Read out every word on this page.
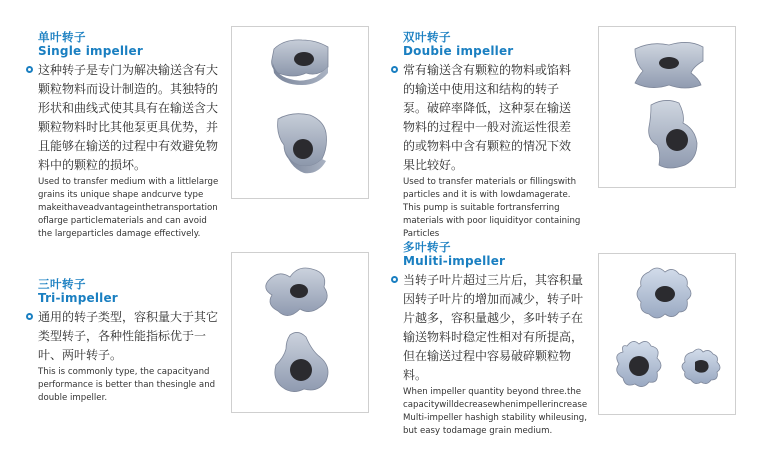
单叶转子
Single impeller
这种转子是专门为解决输送含有大颗粒物料而设计制造的。其独特的形状和曲线式使其具有在输送含大颗粒物料时比其他泵更具优势，并且能够在输送的过程中有效避免物料中的颗粒的损坏。
Used to transfer medium with a littlelarge grains its unique shape andcurve type makeithaveadvantageinthetransportation oflarge particlematerials and can avoid the largeparticles damage effectively.
三叶转子
Tri-impeller
通用的转子类型，容积量大于其它类型转子，各种性能指标优于一叶、两叶转子。
This is commonly type, the capacityand performance is better than thesingle and double impeller.
双叶转子
Doubie impeller
常有输送含有颗粒的物料或馅料的输送中使用这和结构的转子泵。破碎率降低，这种泵在输送物料的过程中一般对流运性很差的或物料中含有颗粒的情况下效果比较好。
Used to transfer materials or fillingswith particles and it is with lowdamagerate. This pump is suitable fortransferring materials with poor liquidityor containing Particles
多叶转子
Muliti-impeller
当转子叶片超过三片后，其容积量因转子叶片的增加而减少，转子叶片越多，容积量越少，多叶转子在输送物料时稳定性相对有所提高，但在输送过程中容易破碎颗粒物料。
When impeller quantity beyond three.the capacitywilldecreasewhenimpellerincrease Multi-impeller hashigh stability whileusing, but easy todamage grain medium.
